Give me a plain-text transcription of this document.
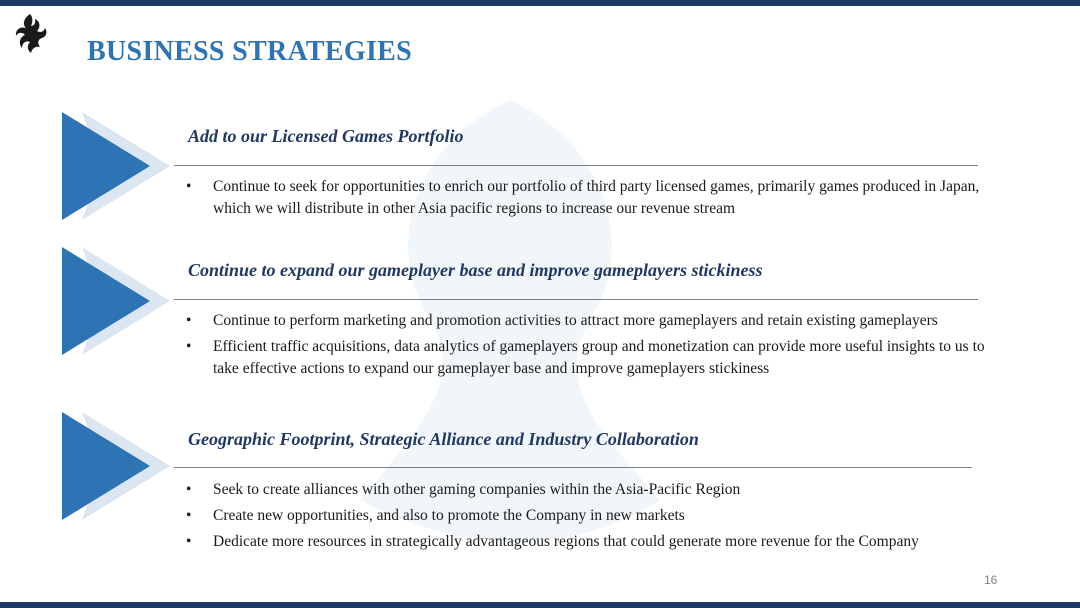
BUSINESS STRATEGIES
Add to our Licensed Games Portfolio
• Continue to seek for opportunities to enrich our portfolio of third party licensed games, primarily games produced in Japan, which we will distribute in other Asia pacific regions to increase our revenue stream
Continue to expand our gameplayer base and improve gameplayers stickiness
• Continue to perform marketing and promotion activities to attract more gameplayers and retain existing gameplayers
• Efficient traffic acquisitions, data analytics of gameplayers group and monetization can provide more useful insights to us to take effective actions to expand our gameplayer base and improve gameplayers stickiness
Geographic Footprint, Strategic Alliance and Industry Collaboration
• Seek to create alliances with other gaming companies within the Asia-Pacific Region
• Create new opportunities, and also to promote the Company in new markets
• Dedicate more resources in strategically advantageous regions that could generate more revenue for the Company
16
